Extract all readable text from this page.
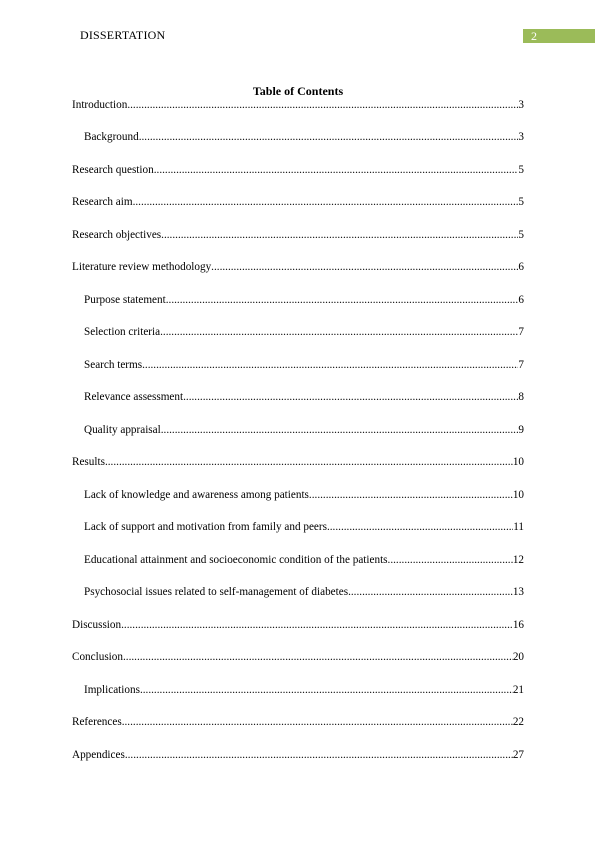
DISSERTATION	2
Table of Contents
Introduction .....	3
Background .....	3
Research question .....	5
Research aim .....	5
Research objectives .....	5
Literature review methodology .....	6
Purpose statement .....	6
Selection criteria .....	7
Search terms .....	7
Relevance assessment .....	8
Quality appraisal .....	9
Results .....	10
Lack of knowledge and awareness among patients .....	10
Lack of support and motivation from family and peers .....	11
Educational attainment and socioeconomic condition of the patients .....	12
Psychosocial issues related to self-management of diabetes .....	13
Discussion .....	16
Conclusion .....	20
Implications .....	21
References .....	22
Appendices .....	27
